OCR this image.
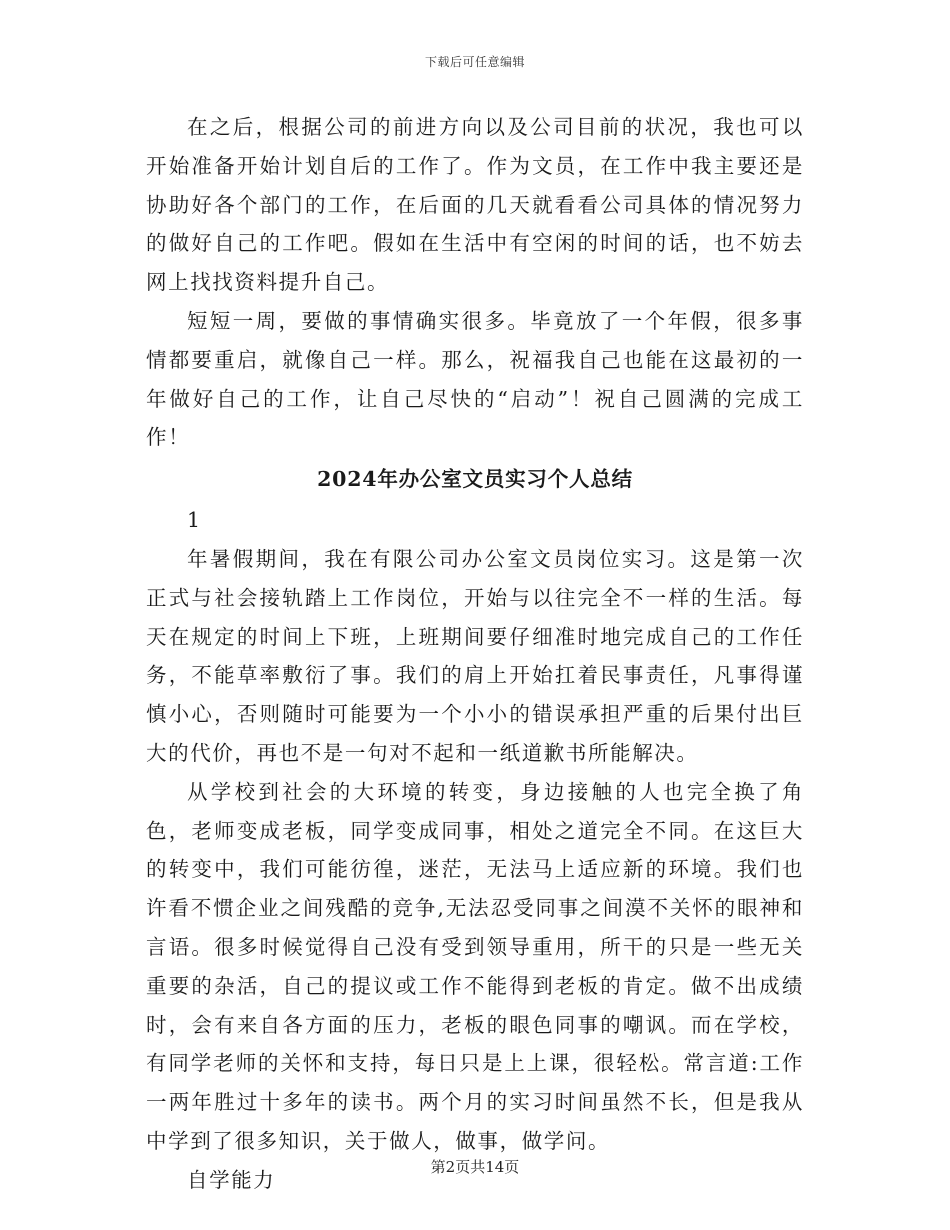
下载后可任意编辑

在之后，根据公司的前进方向以及公司目前的状况，我也可以开始准备开始计划自后的工作了。作为文员，在工作中我主要还是协助好各个部门的工作，在后面的几天就看看公司具体的情况努力的做好自己的工作吧。假如在生活中有空闲的时间的话，也不妨去网上找找资料提升自己。

短短一周，要做的事情确实很多。毕竟放了一个年假，很多事情都要重启，就像自己一样。那么，祝福我自己也能在这最初的一年做好自己的工作，让自己尽快的“启动”！祝自己圆满的完成工作！

2024年办公室文员实习个人总结

1

年暑假期间，我在有限公司办公室文员岗位实习。这是第一次正式与社会接轨踏上工作岗位，开始与以往完全不一样的生活。每天在规定的时间上下班，上班期间要仔细准时地完成自己的工作任务，不能草率敷衍了事。我们的肩上开始扛着民事责任，凡事得谨慎小心，否则随时可能要为一个小小的错误承担严重的后果付出巨大的代价，再也不是一句对不起和一纸道歉书所能解决。

从学校到社会的大环境的转变，身边接触的人也完全换了角色，老师变成老板，同学变成同事，相处之道完全不同。在这巨大的转变中，我们可能彷徨，迷茫，无法马上适应新的环境。我们也许看不惯企业之间残酷的竞争,无法忍受同事之间漠不关怀的眼神和言语。很多时候觉得自己没有受到领导重用，所干的只是一些无关重要的杂活，自己的提议或工作不能得到老板的肯定。做不出成绩时，会有来自各方面的压力，老板的眼色同事的嘲讽。而在学校，有同学老师的关怀和支持，每日只是上上课，很轻松。常言道:工作一两年胜过十多年的读书。两个月的实习时间虽然不长，但是我从中学到了很多知识，关于做人，做事，做学问。

自学能力

第2页共14页
